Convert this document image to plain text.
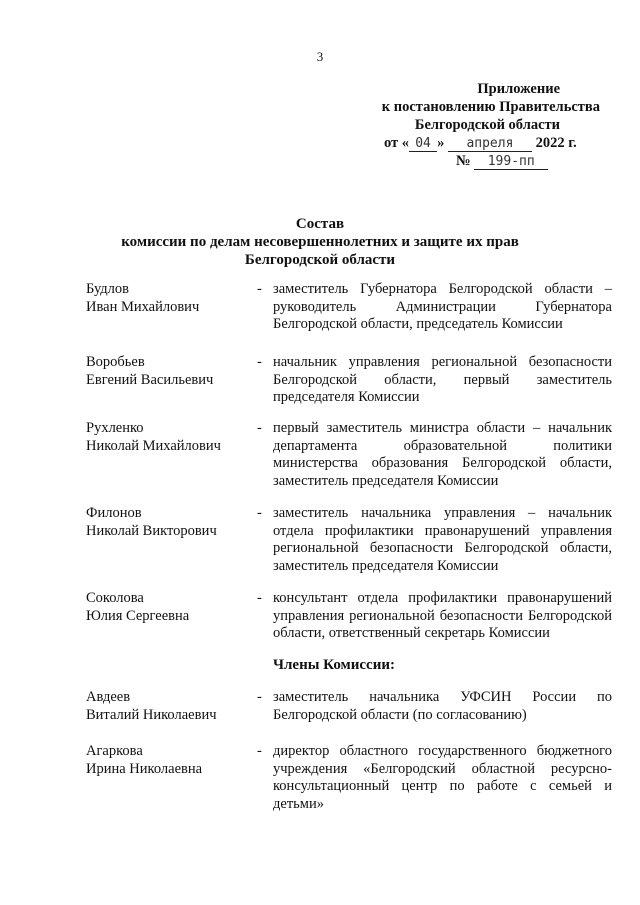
3
Приложение
к постановлению Правительства
Белгородской области
от « 04 » апреля 2022 г.
№ 199-пп
Состав
комиссии по делам несовершеннолетних и защите их прав
Белгородской области
Будлов
Иван Михайлович
- заместитель Губернатора Белгородской области – руководитель Администрации Губернатора Белгородской области, председатель Комиссии
Воробьев
Евгений Васильевич
- начальник управления региональной безопасности Белгородской области, первый заместитель председателя Комиссии
Рухленко
Николай Михайлович
- первый заместитель министра области – начальник департамента образовательной политики министерства образования Белгородской области, заместитель председателя Комиссии
Филонов
Николай Викторович
- заместитель начальника управления – начальник отдела профилактики правонарушений управления региональной безопасности Белгородской области, заместитель председателя Комиссии
Соколова
Юлия Сергеевна
- консультант отдела профилактики правонарушений управления региональной безопасности Белгородской области, ответственный секретарь Комиссии
Члены Комиссии:
Авдеев
Виталий Николаевич
- заместитель начальника УФСИН России по Белгородской области (по согласованию)
Агаркова
Ирина Николаевна
- директор областного государственного бюджетного учреждения «Белгородский областной ресурсно-консультационный центр по работе с семьей и детьми»
